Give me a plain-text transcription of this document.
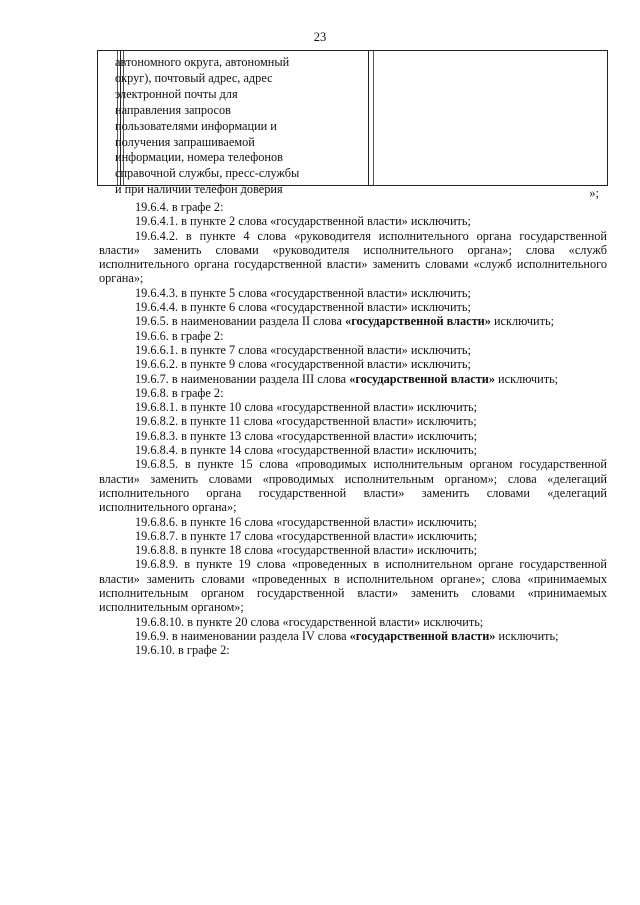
23
автономного округа, автономный
округ), почтовый адрес, адрес
электронной почты для
направления запросов
пользователями информации и
получения запрашиваемой
информации, номера телефонов
справочной службы, пресс-службы
и при наличии телефон доверия	»;

19.6.4. в графе 2:

19.6.4.1. в пункте 2 слова «государственной власти» исключить;

19.6.4.2. в пункте 4 слова «руководителя исполнительного органа государственной власти» заменить словами «руководителя исполнительного органа»; слова «служб исполнительного органа государственной власти» заменить словами «служб исполнительного органа»;

19.6.4.3. в пункте 5 слова «государственной власти» исключить;

19.6.4.4. в пункте 6 слова «государственной власти» исключить;

19.6.5. в наименовании раздела II слова «государственной власти» исключить;

19.6.6. в графе 2:

19.6.6.1. в пункте 7 слова «государственной власти» исключить;

19.6.6.2. в пункте 9 слова «государственной власти» исключить;

19.6.7. в наименовании раздела III слова «государственной власти» исключить;

19.6.8. в графе 2:

19.6.8.1. в пункте 10 слова «государственной власти» исключить;

19.6.8.2. в пункте 11 слова «государственной власти» исключить;

19.6.8.3. в пункте 13 слова «государственной власти» исключить;

19.6.8.4. в пункте 14 слова «государственной власти» исключить;

19.6.8.5. в пункте 15 слова «проводимых исполнительным органом государственной власти» заменить словами «проводимых исполнительным органом»; слова «делегаций исполнительного органа государственной власти» заменить словами «делегаций исполнительного органа»;

19.6.8.6. в пункте 16 слова «государственной власти» исключить;

19.6.8.7. в пункте 17 слова «государственной власти» исключить;

19.6.8.8. в пункте 18 слова «государственной власти» исключить;

19.6.8.9. в пункте 19 слова «проведенных в исполнительном органе государственной власти» заменить словами «проведенных в исполнительном органе»; слова «принимаемых исполнительным органом государственной власти» заменить словами «принимаемых исполнительным органом»;

19.6.8.10. в пункте 20 слова «государственной власти» исключить;

19.6.9. в наименовании раздела IV слова «государственной власти» исключить;

19.6.10. в графе 2:
